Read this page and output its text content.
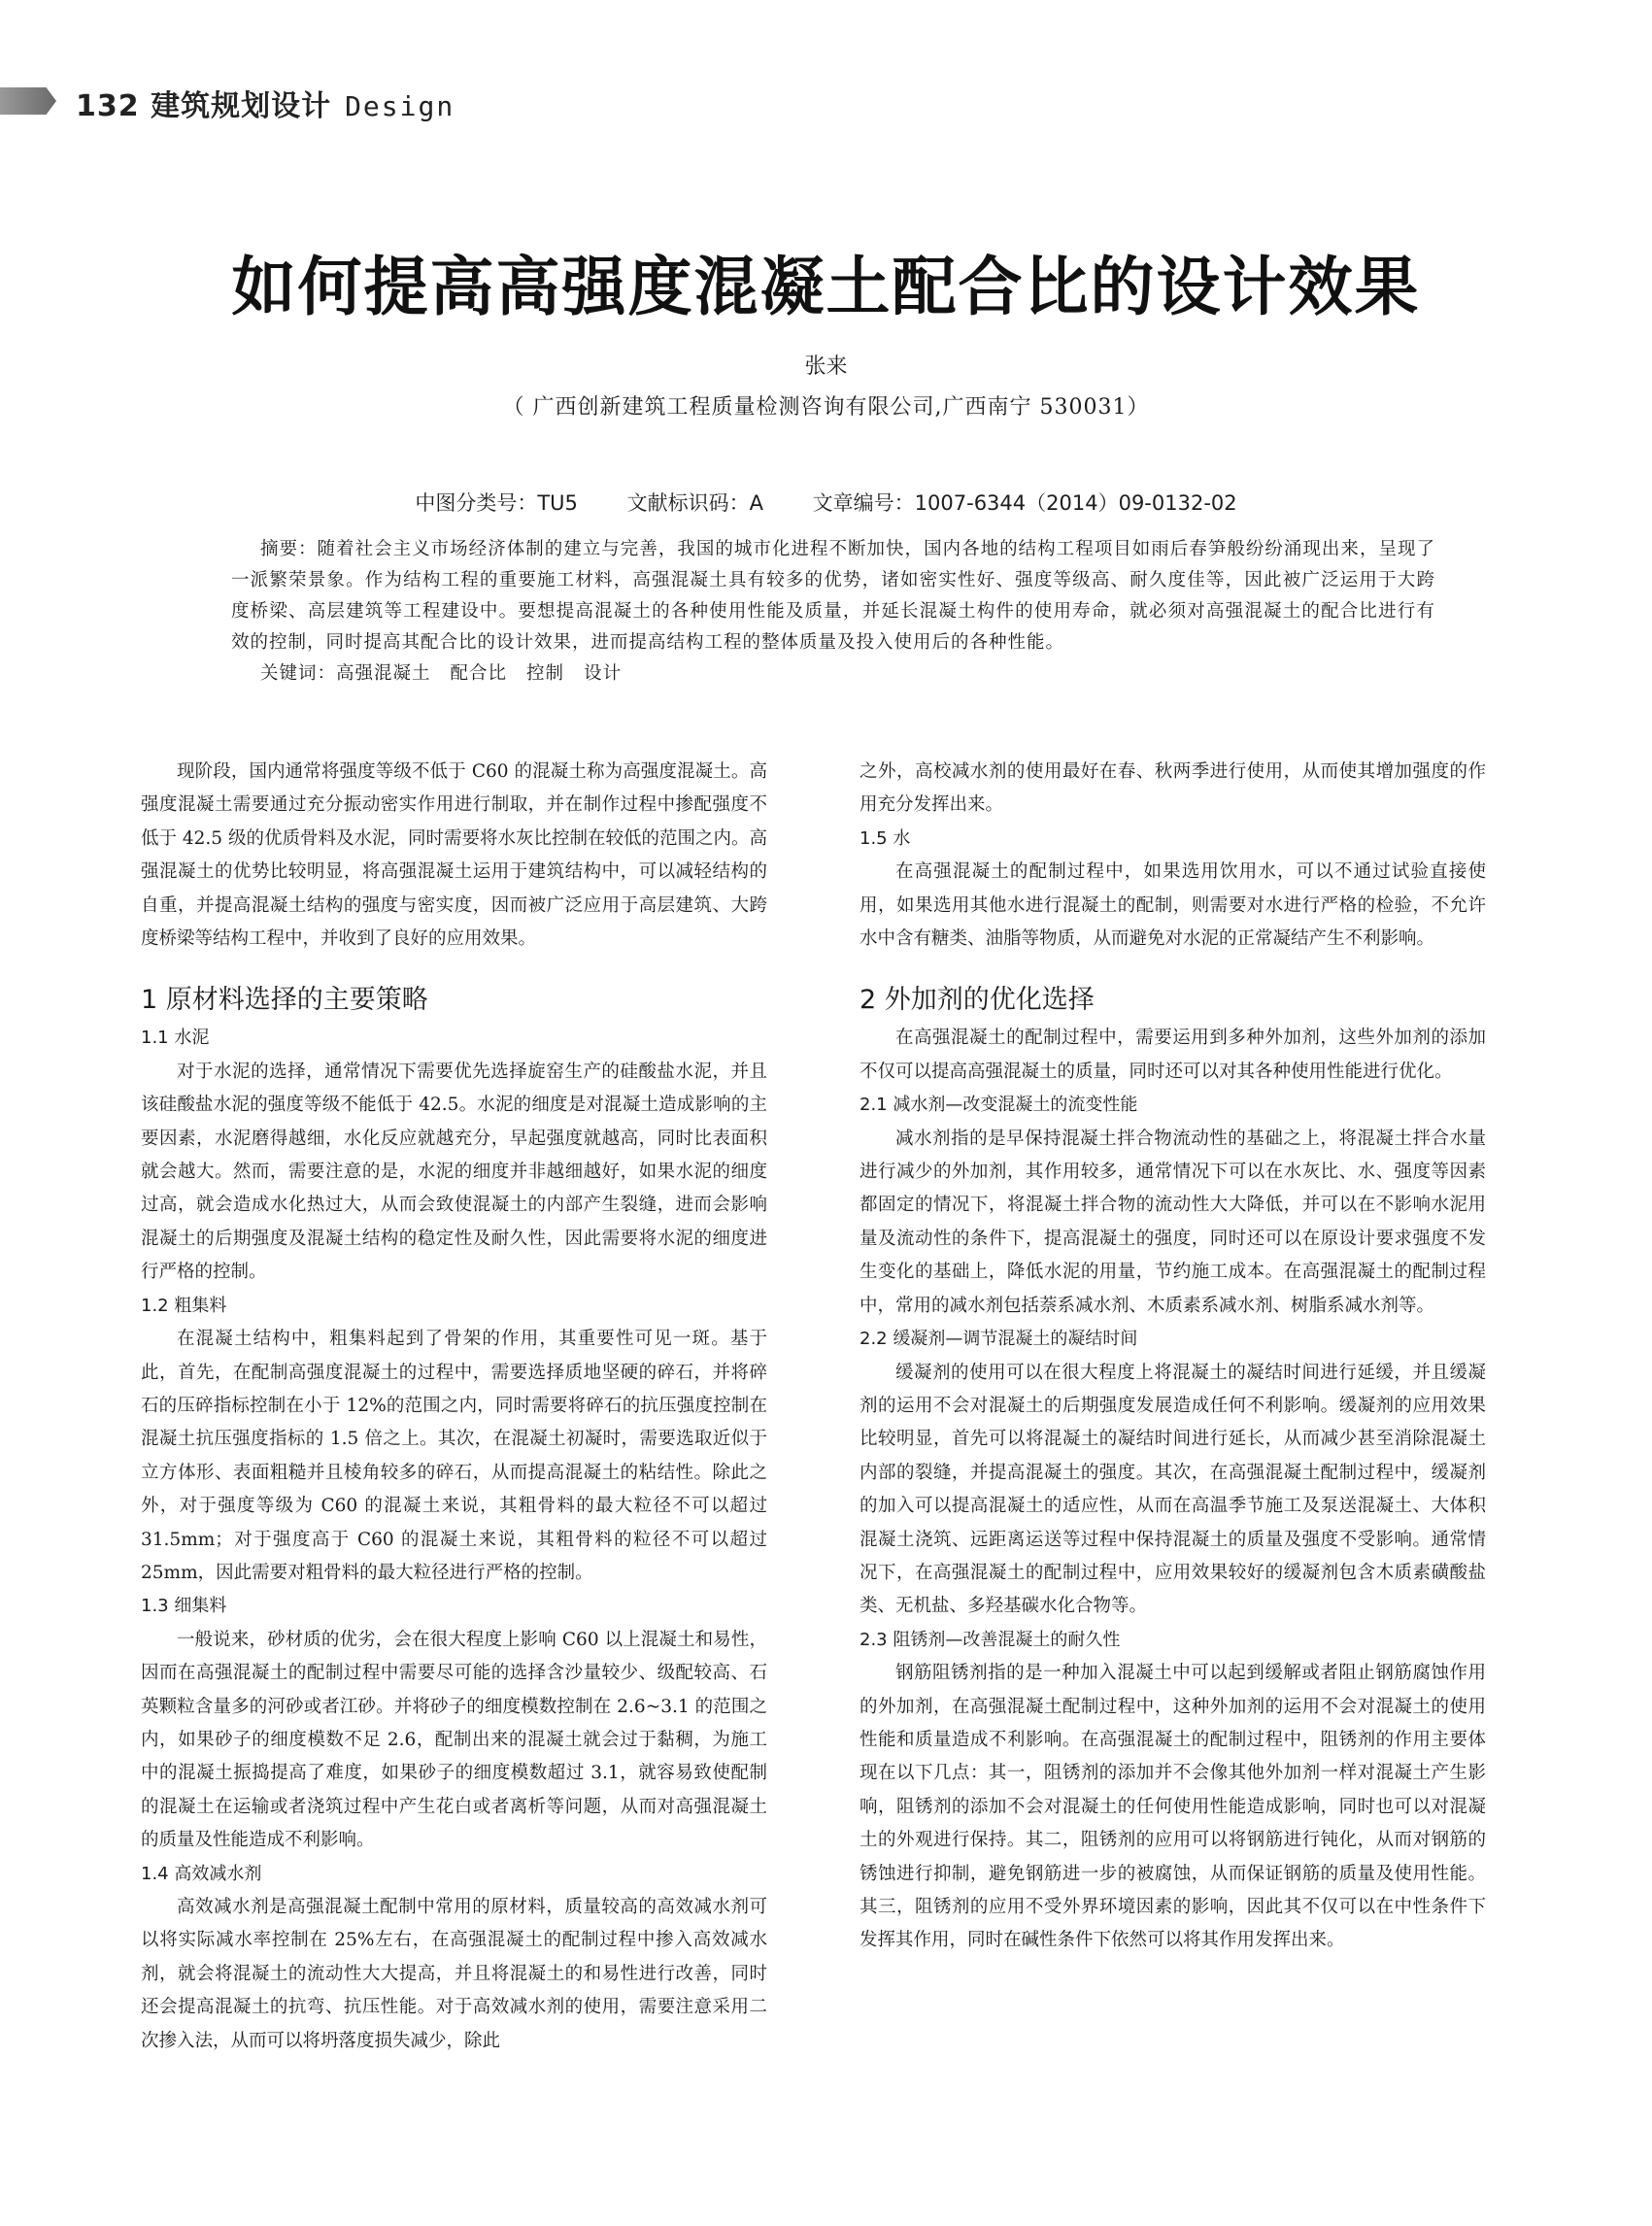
132 建筑规划设计 Design
如何提高高强度混凝土配合比的设计效果
张来
（ 广西创新建筑工程质量检测咨询有限公司,广西南宁 530031）
中图分类号：TU5 文献标识码：A 文章编号：1007-6344（2014）09-0132-02

摘要：随着社会主义市场经济体制的建立与完善，我国的城市化进程不断加快，国内各地的结构工程项目如雨后春笋般纷纷涌现出来，呈现了一派繁荣景象。作为结构工程的重要施工材料，高强混凝土具有较多的优势，诸如密实性好、强度等级高、耐久度佳等，因此被广泛运用于大跨度桥梁、高层建筑等工程建设中。要想提高混凝土的各种使用性能及质量，并延长混凝土构件的使用寿命，就必须对高强混凝土的配合比进行有效的控制，同时提高其配合比的设计效果，进而提高结构工程的整体质量及投入使用后的各种性能。

关键词：高强混凝土 配合比 控制 设计

现阶段，国内通常将强度等级不低于 C60 的混凝土称为高强度混凝土。高强度混凝土需要通过充分振动密实作用进行制取，并在制作过程中掺配强度不低于 42.5 级的优质骨料及水泥，同时需要将水灰比控制在较低的范围之内。高强混凝土的优势比较明显，将高强混凝土运用于建筑结构中，可以减轻结构的自重，并提高混凝土结构的强度与密实度，因而被广泛应用于高层建筑、大跨度桥梁等结构工程中，并收到了良好的应用效果。

1 原材料选择的主要策略
1.1 水泥

对于水泥的选择，通常情况下需要优先选择旋窑生产的硅酸盐水泥，并且该硅酸盐水泥的强度等级不能低于 42.5。水泥的细度是对混凝土造成影响的主要因素，水泥磨得越细，水化反应就越充分，早起强度就越高，同时比表面积就会越大。然而，需要注意的是，水泥的细度并非越细越好，如果水泥的细度过高，就会造成水化热过大，从而会致使混凝土的内部产生裂缝，进而会影响混凝土的后期强度及混凝土结构的稳定性及耐久性，因此需要将水泥的细度进行严格的控制。

1.2 粗集料

在混凝土结构中，粗集料起到了骨架的作用，其重要性可见一斑。基于此，首先，在配制高强度混凝土的过程中，需要选择质地坚硬的碎石，并将碎石的压碎指标控制在小于 12%的范围之内，同时需要将碎石的抗压强度控制在混凝土抗压强度指标的 1.5 倍之上。其次，在混凝土初凝时，需要选取近似于立方体形、表面粗糙并且棱角较多的碎石，从而提高混凝土的粘结性。除此之外，对于强度等级为 C60 的混凝土来说，其粗骨料的最大粒径不可以超过 31.5mm；对于强度高于 C60 的混凝土来说，其粗骨料的粒径不可以超过 25mm，因此需要对粗骨料的最大粒径进行严格的控制。

1.3 细集料

一般说来，砂材质的优劣，会在很大程度上影响 C60 以上混凝土和易性，因而在高强混凝土的配制过程中需要尽可能的选择含沙量较少、级配较高、石英颗粒含量多的河砂或者江砂。并将砂子的细度模数控制在 2.6~3.1 的范围之内，如果砂子的细度模数不足 2.6，配制出来的混凝土就会过于黏稠，为施工中的混凝土振捣提高了难度，如果砂子的细度模数超过 3.1，就容易致使配制的混凝土在运输或者浇筑过程中产生花白或者离析等问题，从而对高强混凝土的质量及性能造成不利影响。

1.4 高效减水剂

高效减水剂是高强混凝土配制中常用的原材料，质量较高的高效减水剂可以将实际减水率控制在 25%左右，在高强混凝土的配制过程中掺入高效减水剂，就会将混凝土的流动性大大提高，并且将混凝土的和易性进行改善，同时还会提高混凝土的抗弯、抗压性能。对于高效减水剂的使用，需要注意采用二次掺入法，从而可以将坍落度损失减少，除此

之外，高校减水剂的使用最好在春、秋两季进行使用，从而使其增加强度的作用充分发挥出来。

1.5 水

在高强混凝土的配制过程中，如果选用饮用水，可以不通过试验直接使用，如果选用其他水进行混凝土的配制，则需要对水进行严格的检验，不允许水中含有糖类、油脂等物质，从而避免对水泥的正常凝结产生不利影响。

2 外加剂的优化选择

在高强混凝土的配制过程中，需要运用到多种外加剂，这些外加剂的添加不仅可以提高高强混凝土的质量，同时还可以对其各种使用性能进行优化。

2.1 减水剂—改变混凝土的流变性能

减水剂指的是早保持混凝土拌合物流动性的基础之上，将混凝土拌合水量进行减少的外加剂，其作用较多，通常情况下可以在水灰比、水、强度等因素都固定的情况下，将混凝土拌合物的流动性大大降低，并可以在不影响水泥用量及流动性的条件下，提高混凝土的强度，同时还可以在原设计要求强度不发生变化的基础上，降低水泥的用量，节约施工成本。在高强混凝土的配制过程中，常用的减水剂包括萘系减水剂、木质素系减水剂、树脂系减水剂等。

2.2 缓凝剂—调节混凝土的凝结时间

缓凝剂的使用可以在很大程度上将混凝土的凝结时间进行延缓，并且缓凝剂的运用不会对混凝土的后期强度发展造成任何不利影响。缓凝剂的应用效果比较明显，首先可以将混凝土的凝结时间进行延长，从而减少甚至消除混凝土内部的裂缝，并提高混凝土的强度。其次，在高强混凝土配制过程中，缓凝剂的加入可以提高混凝土的适应性，从而在高温季节施工及泵送混凝土、大体积混凝土浇筑、远距离运送等过程中保持混凝土的质量及强度不受影响。通常情况下，在高强混凝土的配制过程中，应用效果较好的缓凝剂包含木质素磺酸盐类、无机盐、多羟基碳水化合物等。

2.3 阻锈剂—改善混凝土的耐久性

钢筋阻锈剂指的是一种加入混凝土中可以起到缓解或者阻止钢筋腐蚀作用的外加剂，在高强混凝土配制过程中，这种外加剂的运用不会对混凝土的使用性能和质量造成不利影响。在高强混凝土的配制过程中，阻锈剂的作用主要体现在以下几点：其一，阻锈剂的添加并不会像其他外加剂一样对混凝土产生影响，阻锈剂的添加不会对混凝土的任何使用性能造成影响，同时也可以对混凝土的外观进行保持。其二，阻锈剂的应用可以将钢筋进行钝化，从而对钢筋的锈蚀进行抑制，避免钢筋进一步的被腐蚀，从而保证钢筋的质量及使用性能。其三，阻锈剂的应用不受外界环境因素的影响，因此其不仅可以在中性条件下发挥其作用，同时在碱性条件下依然可以将其作用发挥出来。
